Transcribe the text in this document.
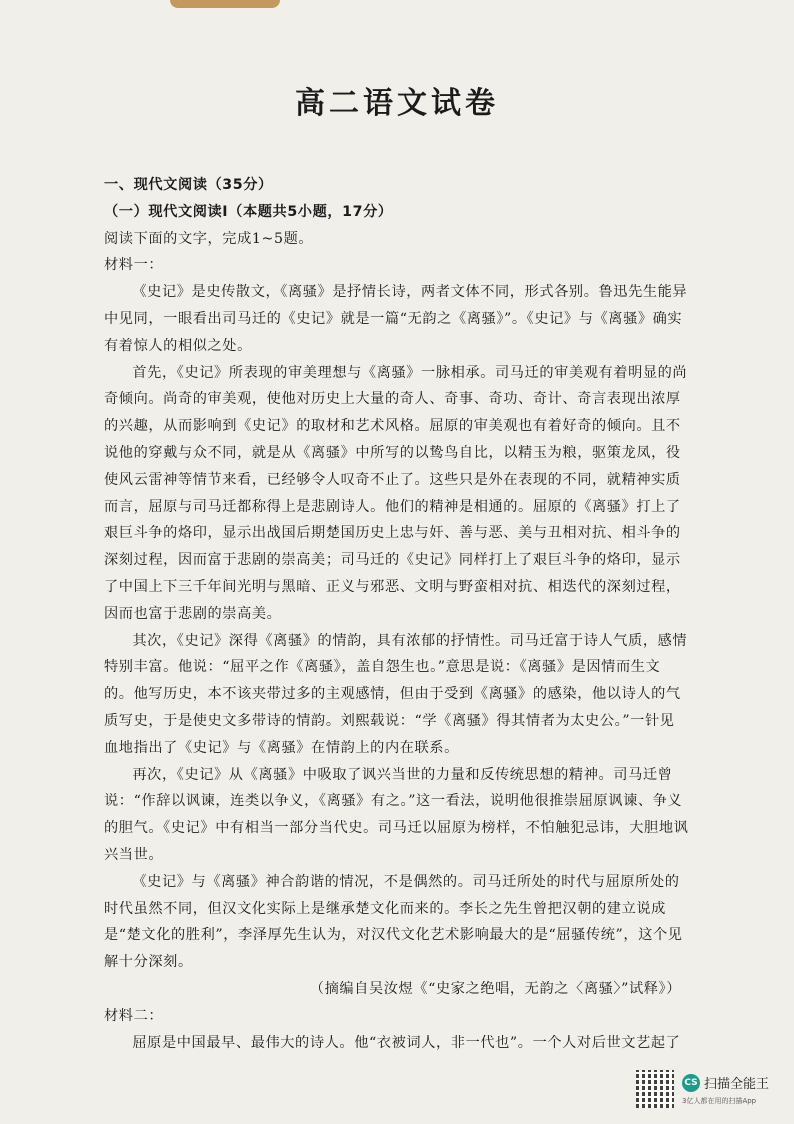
高二语文试卷

一、现代文阅读（35分）

（一）现代文阅读Ⅰ（本题共5小题，17分）

阅读下面的文字，完成1~5题。

材料一：

《史记》是史传散文，《离骚》是抒情长诗，两者文体不同，形式各别。鲁迅先生能异中见同，一眼看出司马迁的《史记》就是一篇“无韵之《离骚》”。《史记》与《离骚》确实有着惊人的相似之处。

首先，《史记》所表现的审美理想与《离骚》一脉相承。司马迁的审美观有着明显的尚奇倾向。尚奇的审美观，使他对历史上大量的奇人、奇事、奇功、奇计、奇言表现出浓厚的兴趣，从而影响到《史记》的取材和艺术风格。屈原的审美观也有着好奇的倾向。且不说他的穿戴与众不同，就是从《离骚》中所写的以鸷鸟自比，以精玉为粮，驱策龙凤，役使风云雷神等情节来看，已经够令人叹奇不止了。这些只是外在表现的不同，就精神实质而言，屈原与司马迁都称得上是悲剧诗人。他们的精神是相通的。屈原的《离骚》打上了艰巨斗争的烙印，显示出战国后期楚国历史上忠与奸、善与恶、美与丑相对抗、相斗争的深刻过程，因而富于悲剧的崇高美；司马迁的《史记》同样打上了艰巨斗争的烙印，显示了中国上下三千年间光明与黑暗、正义与邪恶、文明与野蛮相对抗、相迭代的深刻过程，因而也富于悲剧的崇高美。

其次，《史记》深得《离骚》的情韵，具有浓郁的抒情性。司马迁富于诗人气质，感情特别丰富。他说：“屈平之作《离骚》，盖自怨生也。”意思是说：《离骚》是因情而生文的。他写历史，本不该夹带过多的主观感情，但由于受到《离骚》的感染，他以诗人的气质写史，于是使史文多带诗的情韵。刘熙载说：“学《离骚》得其情者为太史公。”一针见血地指出了《史记》与《离骚》在情韵上的内在联系。

再次，《史记》从《离骚》中吸取了讽兴当世的力量和反传统思想的精神。司马迁曾说：“作辞以讽谏，连类以争义，《离骚》有之。”这一看法，说明他很推崇屈原讽谏、争义的胆气。《史记》中有相当一部分当代史。司马迁以屈原为榜样，不怕触犯忌讳，大胆地讽兴当世。

《史记》与《离骚》神合韵谐的情况，不是偶然的。司马迁所处的时代与屈原所处的时代虽然不同，但汉文化实际上是继承楚文化而来的。李长之先生曾把汉朝的建立说成是“楚文化的胜利”，李泽厚先生认为，对汉代文化艺术影响最大的是“屈骚传统”，这个见解十分深刻。

（摘编自吴汝煜《“史家之绝唱，无韵之〈离骚〉”试释》）

材料二：

屈原是中国最早、最伟大的诗人。他“衣被词人，非一代也”。一个人对后世文艺起了

CS 扫描全能王
3亿人都在用的扫描App
